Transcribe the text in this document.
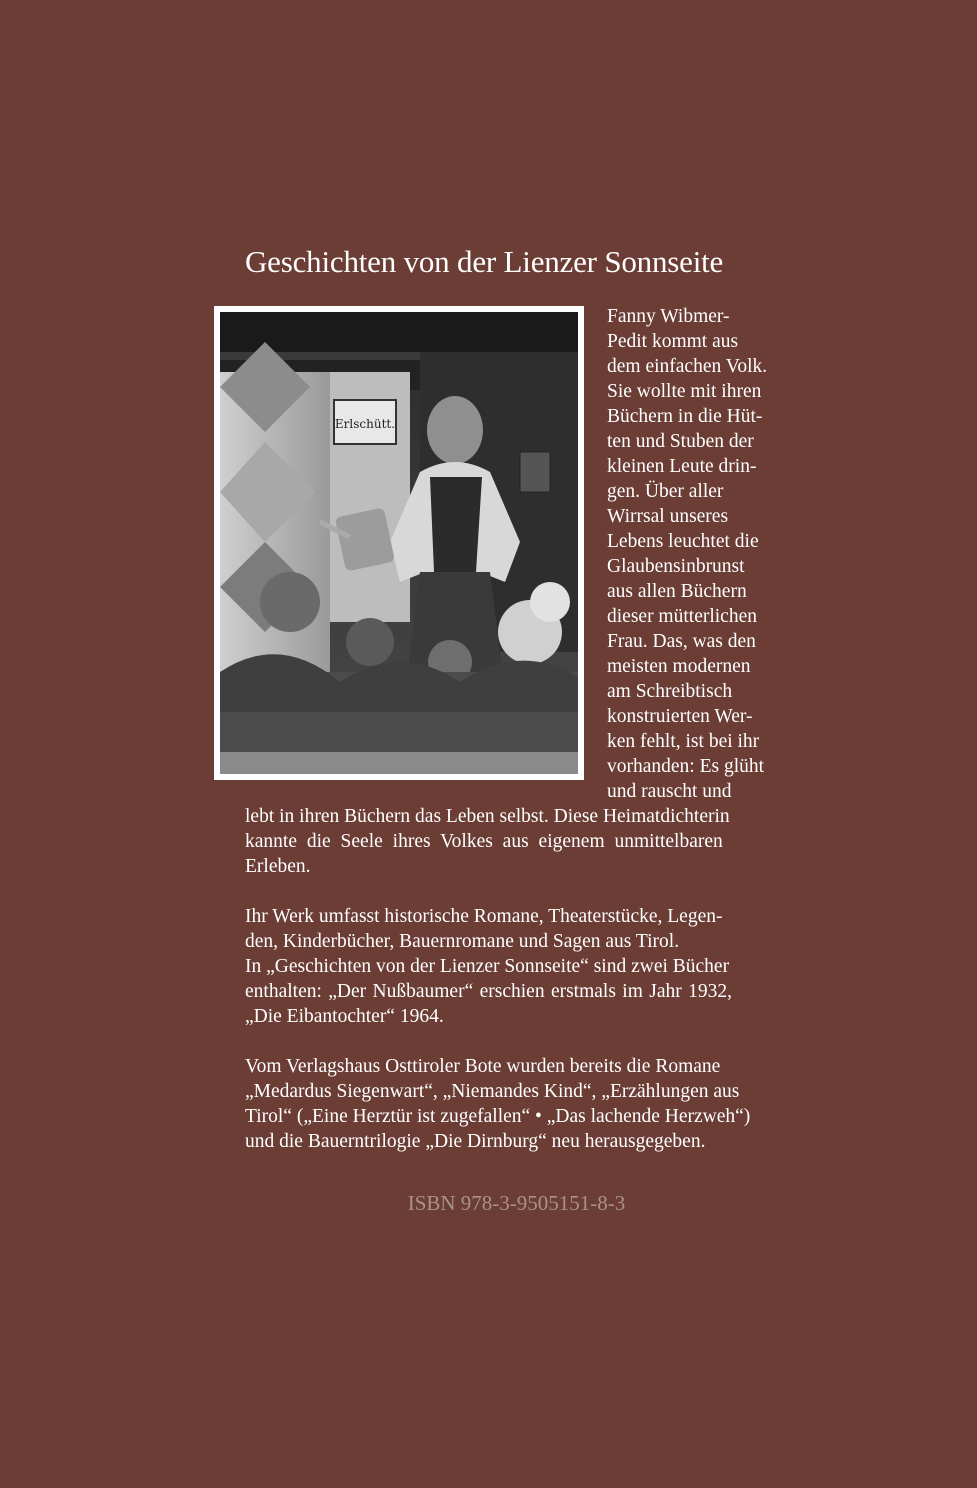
Geschichten von der Lienzer Sonnseite
Erlschütt.
Fanny Wibmer-
Pedit kommt aus
dem einfachen Volk.
Sie wollte mit ihren
Büchern in die Hüt-
ten und Stuben der
kleinen Leute drin-
gen. Über aller
Wirrsal unseres
Lebens leuchtet die
Glaubensinbrunst
aus allen Büchern
dieser mütterlichen
Frau. Das, was den
meisten modernen
am Schreibtisch
konstruierten Wer-
ken fehlt, ist bei ihr
vorhanden: Es glüht
und rauscht und
lebt in ihren Büchern das Leben selbst. Diese Heimatdichterin
kannte die Seele ihres Volkes aus eigenem unmittelbaren
Erleben.
Ihr Werk umfasst historische Romane, Theaterstücke, Legen-
den, Kinderbücher, Bauernromane und Sagen aus Tirol.
In „Geschichten von der Lienzer Sonnseite“ sind zwei Bücher
enthalten: „Der Nußbaumer“ erschien erstmals im Jahr 1932,
„Die Eibantochter“ 1964.
Vom Verlagshaus Osttiroler Bote wurden bereits die Romane
„Medardus Siegenwart“, „Niemandes Kind“, „Erzählungen aus
Tirol“ („Eine Herztür ist zugefallen“ • „Das lachende Herzweh“)
und die Bauerntrilogie „Die Dirnburg“ neu herausgegeben.
ISBN 978-3-9505151-8-3
